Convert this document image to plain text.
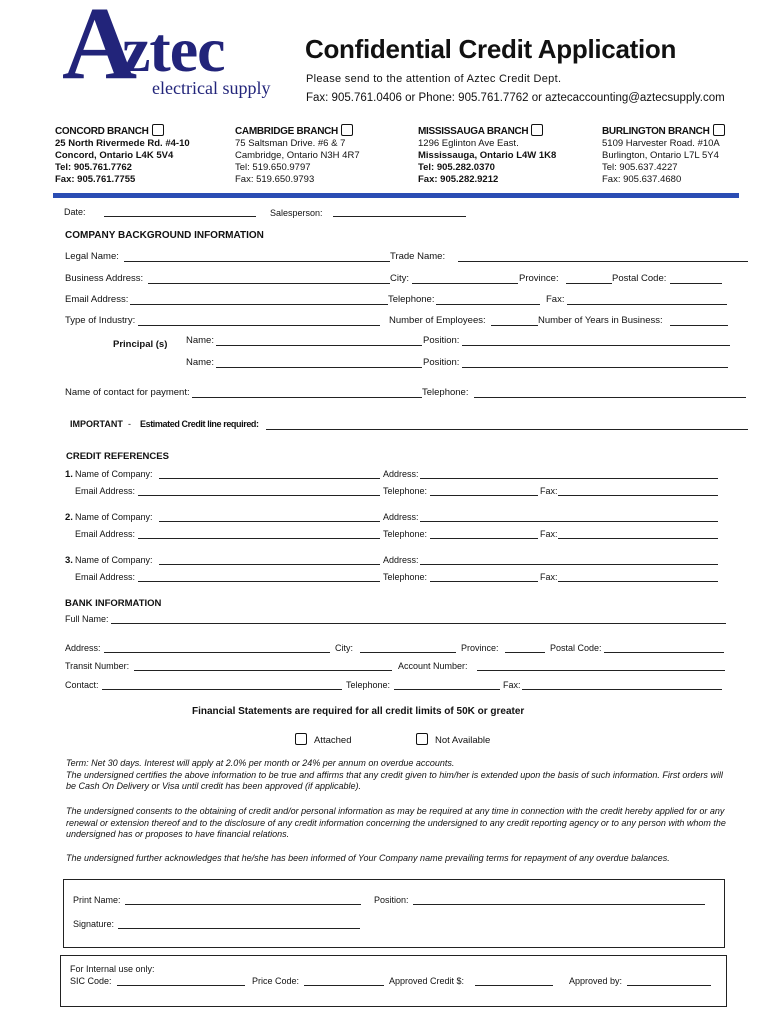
A
ztec
electrical supply
Confidential Credit Application
Please send to the attention of Aztec Credit Dept.
Fax: 905.761.0406 or Phone: 905.761.7762 or aztecaccounting@aztecsupply.com
CONCORD BRANCH
25 North Rivermede Rd. #4-10
Concord, Ontario L4K 5V4
Tel: 905.761.7762
Fax: 905.761.7755
CAMBRIDGE BRANCH
75 Saltsman Drive. #6 & 7
Cambridge, Ontario N3H 4R7
Tel: 519.650.9797
Fax: 519.650.9793
MISSISSAUGA BRANCH
1296 Eglinton Ave East.
Mississauga, Ontario L4W 1K8
Tel: 905.282.0370
Fax: 905.282.9212
BURLINGTON BRANCH
5109 Harvester Road. #10A
Burlington, Ontario L7L 5Y4
Tel: 905.637.4227
Fax: 905.637.4680
Date:	Salesperson:
COMPANY BACKGROUND INFORMATION
Legal Name:	Trade Name:
Business Address:	City:	Province:	Postal Code:
Email Address:	Telephone:	Fax:
Type of Industry:	Number of Employees:	Number of Years in Business:
Principal (s) Name:	Position:
Name:	Position:
Name of contact for payment:	Telephone:
IMPORTANT - Estimated Credit line required:
CREDIT REFERENCES
1. Name of Company:	Address:
Email Address:	Telephone:	Fax:
2. Name of Company:	Address:
Email Address:	Telephone:	Fax:
3. Name of Company:	Address:
Email Address:	Telephone:	Fax:
BANK INFORMATION
Full Name:
Address:	City:	Province:	Postal Code:
Transit Number:	Account Number:
Contact:	Telephone:	Fax:
Financial Statements are required for all credit limits of 50K or greater
Attached	Not Available
Term: Net 30 days. Interest will apply at 2.0% per month or 24% per annum on overdue accounts.
The undersigned certifies the above information to be true and affirms that any credit given to him/her is extended upon the basis of such information. First orders will be Cash On Delivery or Visa until credit has been approved (if applicable).
The undersigned consents to the obtaining of credit and/or personal information as may be required at any time in connection with the credit hereby applied for or any renewal or extension thereof and to the disclosure of any credit information concerning the undersigned to any credit reporting agency or to any person with whom the undersigned has or proposes to have financial relations.
The undersigned further acknowledges that he/she has been informed of Your Company name prevailing terms for repayment of any overdue balances.
Print Name:	Position:
Signature:
For Internal use only:
SIC Code:	Price Code:	Approved Credit $:	Approved by:
